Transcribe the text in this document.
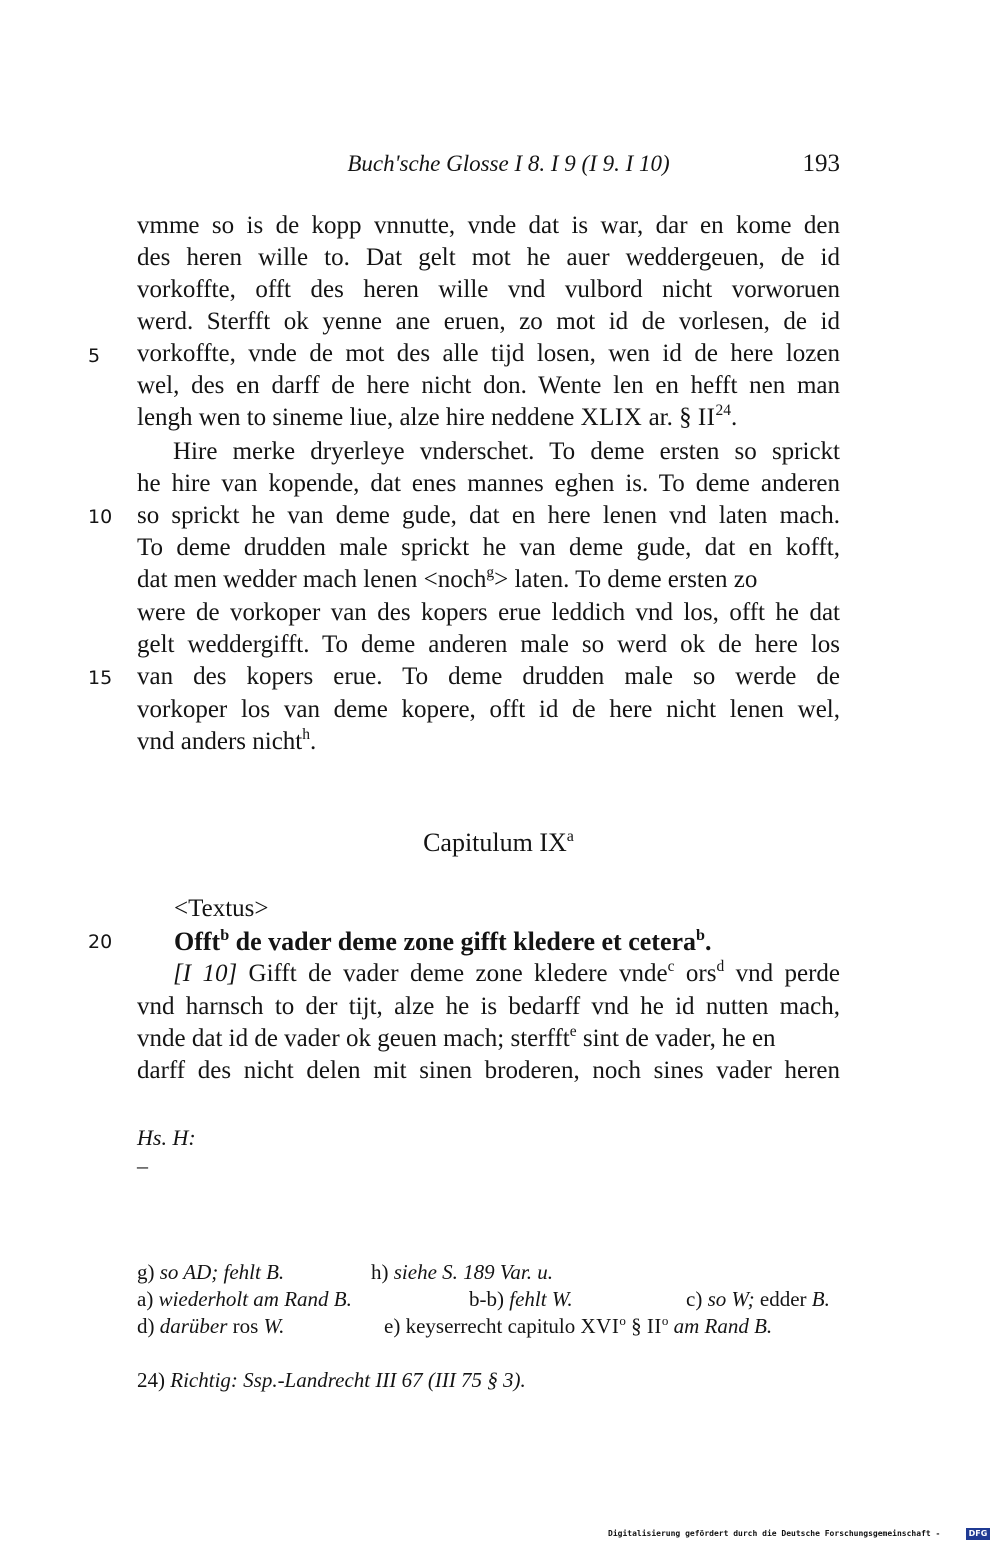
Buch'sche Glosse I 8. I 9 (I 9. I 10)	193
5
10
15
20
vmme so is de kopp vnnutte, vnde dat is war, dar en kome den
des heren wille to. Dat gelt mot he auer weddergeuen, de id
vorkoffte, offt des heren wille vnd vulbord nicht vorworuen
werd. Sterfft ok yenne ane eruen, zo mot id de vorlesen, de id
vorkoffte, vnde de mot des alle tijd losen, wen id de here lozen
wel, des en darff de here nicht don. Wente len en hefft nen man
lengh wen to sineme liue, alze hire neddene XLIX ar. § II$^{24}$.
Hire merke dryerleye vnderschet. To deme ersten so sprickt
he hire van kopende, dat enes mannes eghen is. To deme anderen
so sprickt he van deme gude, dat en here lenen vnd laten mach.
To deme drudden male sprickt he van deme gude, dat en kofft,
dat men wedder mach lenen <noch$^g$> laten. To deme ersten zo
were de vorkoper van des kopers erue leddich vnd los, offt he dat
gelt weddergifft. To deme anderen male so werd ok de here los
van des kopers erue. To deme drudden male so werde de
vorkoper los van deme kopere, offt id de here nicht lenen wel,
vnd anders nicht$^h$.
Capitulum $IX^a$
<Textus>
Offt$^b$ de vader deme zone gifft kledere et cetera$^b$.
[I 10] Gifft de vader deme zone kledere vnde$^c$ ors$^d$ vnd perde
vnd harnsch to der tijt, alze he is bedarff vnd he id nutten mach,
vnde dat id de vader ok geuen mach; sterfft$^e$ sint de vader, he en
darff des nicht delen mit sinen broderen, noch sines vader heren
Hs. H:
–
g) so AD; fehlt B.	h) siehe S. 189 Var. u.
a) wiederholt am Rand B.	b-b) fehlt W.	c) so W; edder B.
d) darüber ros W.	e) keyserrecht capitulo XVI$^o$ § $II^o$ am Rand B.
24) Richtig: Ssp.-Landrecht III 67 (III 75 § 3).
Digitalisierung gefördert durch die Deutsche Forschungsgemeinschaft -	DFG
